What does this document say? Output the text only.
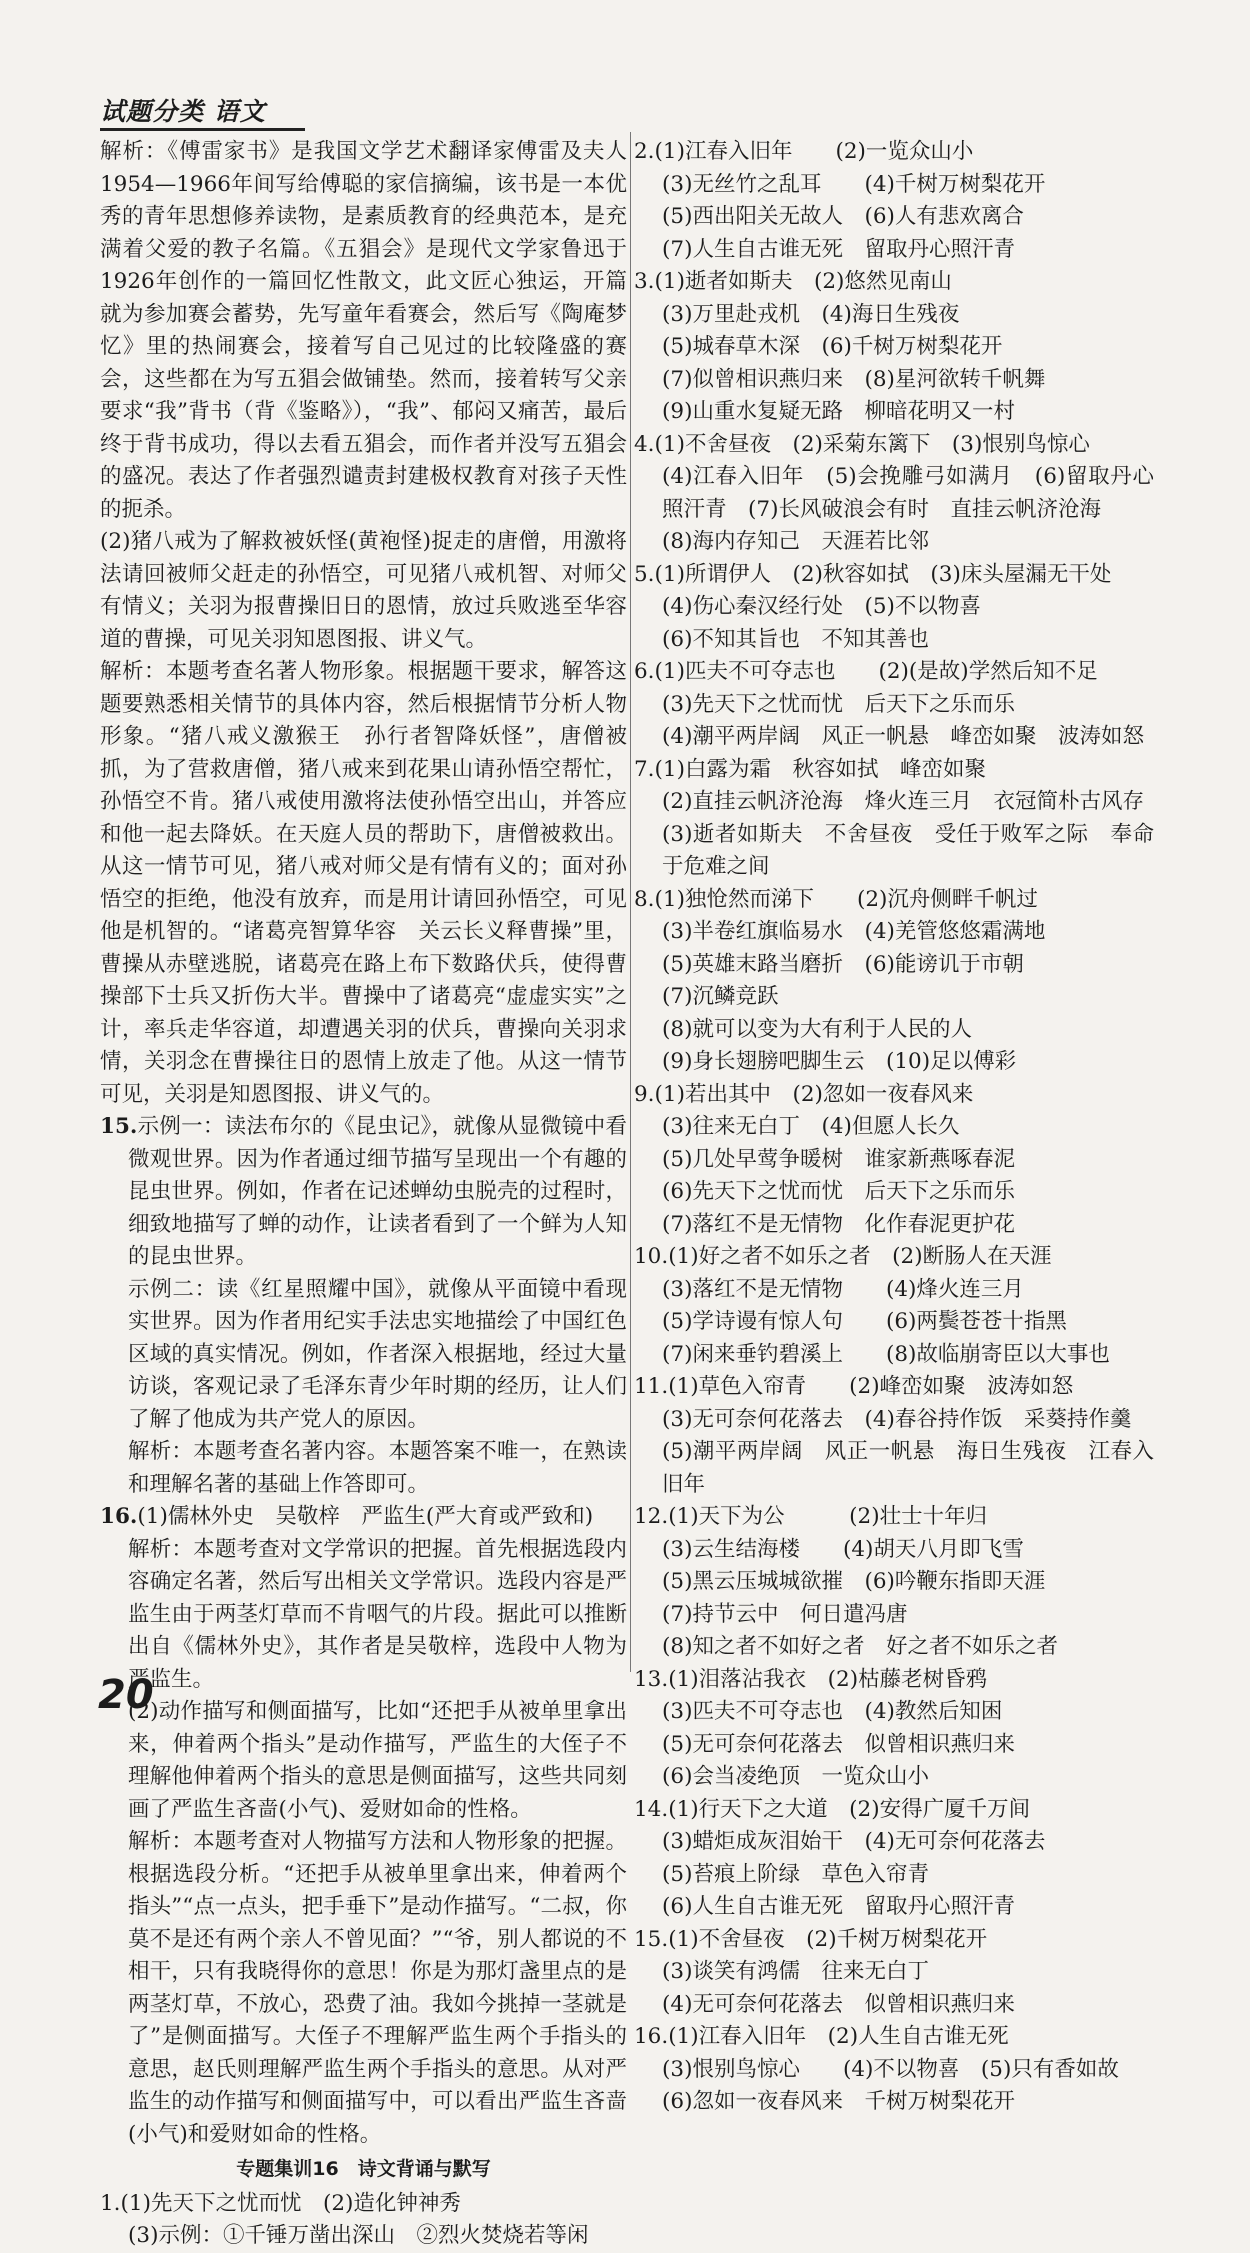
试题分类 语文

解析：《傅雷家书》是我国文学艺术翻译家傅雷及夫人1954—1966年间写给傅聪的家信摘编，该书是一本优秀的青年思想修养读物，是素质教育的经典范本，是充满着父爱的教子名篇。《五猖会》是现代文学家鲁迅于1926年创作的一篇回忆性散文，此文匠心独运，开篇就为参加赛会蓄势，先写童年看赛会，然后写《陶庵梦忆》里的热闹赛会，接着写自己见过的比较隆盛的赛会，这些都在为写五猖会做铺垫。然而，接着转写父亲要求“我”背书（背《鉴略》），“我”、郁闷又痛苦，最后终于背书成功，得以去看五猖会，而作者并没写五猖会的盛况。表达了作者强烈谴责封建极权教育对孩子天性的扼杀。

(2)猪八戒为了解救被妖怪(黄袍怪)捉走的唐僧，用激将法请回被师父赶走的孙悟空，可见猪八戒机智、对师父有情义；关羽为报曹操旧日的恩情，放过兵败逃至华容道的曹操，可见关羽知恩图报、讲义气。

解析：本题考查名著人物形象。根据题干要求，解答这题要熟悉相关情节的具体内容，然后根据情节分析人物形象。“猪八戒义激猴王　孙行者智降妖怪”，唐僧被抓，为了营救唐僧，猪八戒来到花果山请孙悟空帮忙，孙悟空不肯。猪八戒使用激将法使孙悟空出山，并答应和他一起去降妖。在天庭人员的帮助下，唐僧被救出。从这一情节可见，猪八戒对师父是有情有义的；面对孙悟空的拒绝，他没有放弃，而是用计请回孙悟空，可见他是机智的。“诸葛亮智算华容　关云长义释曹操”里，曹操从赤壁逃脱，诸葛亮在路上布下数路伏兵，使得曹操部下士兵又折伤大半。曹操中了诸葛亮“虚虚实实”之计，率兵走华容道，却遭遇关羽的伏兵，曹操向关羽求情，关羽念在曹操往日的恩情上放走了他。从这一情节可见，关羽是知恩图报、讲义气的。

15.示例一：读法布尔的《昆虫记》，就像从显微镜中看微观世界。因为作者通过细节描写呈现出一个有趣的昆虫世界。例如，作者在记述蝉幼虫脱壳的过程时，细致地描写了蝉的动作，让读者看到了一个鲜为人知的昆虫世界。

示例二：读《红星照耀中国》，就像从平面镜中看现实世界。因为作者用纪实手法忠实地描绘了中国红色区域的真实情况。例如，作者深入根据地，经过大量访谈，客观记录了毛泽东青少年时期的经历，让人们了解了他成为共产党人的原因。

解析：本题考查名著内容。本题答案不唯一，在熟读和理解名著的基础上作答即可。

16.(1)儒林外史　吴敬梓　严监生(严大育或严致和)

解析：本题考查对文学常识的把握。首先根据选段内容确定名著，然后写出相关文学常识。选段内容是严监生由于两茎灯草而不肯咽气的片段。据此可以推断出自《儒林外史》，其作者是吴敬梓，选段中人物为严监生。

(2)动作描写和侧面描写，比如“还把手从被单里拿出来，伸着两个指头”是动作描写，严监生的大侄子不理解他伸着两个指头的意思是侧面描写，这些共同刻画了严监生吝啬(小气)、爱财如命的性格。

解析：本题考查对人物描写方法和人物形象的把握。根据选段分析。“还把手从被单里拿出来，伸着两个指头”“点一点头，把手垂下”是动作描写。“二叔，你莫不是还有两个亲人不曾见面？”“爷，别人都说的不相干，只有我晓得你的意思！你是为那灯盏里点的是两茎灯草，不放心，恐费了油。我如今挑掉一茎就是了”是侧面描写。大侄子不理解严监生两个手指头的意思，赵氏则理解严监生两个手指头的意思。从对严监生的动作描写和侧面描写中，可以看出严监生吝啬(小气)和爱财如命的性格。

专题集训16　诗文背诵与默写

1.(1)先天下之忧而忧　(2)造化钟神秀

(3)示例：①千锤万凿出深山　②烈火焚烧若等闲

2.(1)江春入旧年　　(2)一览众山小

(3)无丝竹之乱耳　　(4)千树万树梨花开

(5)西出阳关无故人　(6)人有悲欢离合

(7)人生自古谁无死　留取丹心照汗青

3.(1)逝者如斯夫　(2)悠然见南山

(3)万里赴戎机　(4)海日生残夜

(5)城春草木深　(6)千树万树梨花开

(7)似曾相识燕归来　(8)星河欲转千帆舞

(9)山重水复疑无路　柳暗花明又一村

4.(1)不舍昼夜　(2)采菊东篱下　(3)恨别鸟惊心

(4)江春入旧年　(5)会挽雕弓如满月　(6)留取丹心照汗青　(7)长风破浪会有时　直挂云帆济沧海

(8)海内存知己　天涯若比邻

5.(1)所谓伊人　(2)秋容如拭　(3)床头屋漏无干处

(4)伤心秦汉经行处　(5)不以物喜

(6)不知其旨也　不知其善也

6.(1)匹夫不可夺志也　　(2)(是故)学然后知不足

(3)先天下之忧而忧　后天下之乐而乐

(4)潮平两岸阔　风正一帆悬　峰峦如聚　波涛如怒

7.(1)白露为霜　秋容如拭　峰峦如聚

(2)直挂云帆济沧海　烽火连三月　衣冠简朴古风存

(3)逝者如斯夫　不舍昼夜　受任于败军之际　奉命于危难之间

8.(1)独怆然而涕下　　(2)沉舟侧畔千帆过

(3)半卷红旗临易水　(4)羌管悠悠霜满地

(5)英雄末路当磨折　(6)能谤讥于市朝

(7)沉鳞竞跃

(8)就可以变为大有利于人民的人

(9)身长翅膀吧脚生云　(10)足以傅彩

9.(1)若出其中　(2)忽如一夜春风来

(3)往来无白丁　(4)但愿人长久

(5)几处早莺争暖树　谁家新燕啄春泥

(6)先天下之忧而忧　后天下之乐而乐

(7)落红不是无情物　化作春泥更护花

10.(1)好之者不如乐之者　(2)断肠人在天涯

(3)落红不是无情物　　(4)烽火连三月

(5)学诗谩有惊人句　　(6)两鬓苍苍十指黑

(7)闲来垂钓碧溪上　　(8)故临崩寄臣以大事也

11.(1)草色入帘青　　(2)峰峦如聚　波涛如怒

(3)无可奈何花落去　(4)春谷持作饭　采葵持作羹

(5)潮平两岸阔　风正一帆悬　海日生残夜　江春入旧年

12.(1)天下为公　　　(2)壮士十年归

(3)云生结海楼　　(4)胡天八月即飞雪

(5)黑云压城城欲摧　(6)吟鞭东指即天涯

(7)持节云中　何日遣冯唐

(8)知之者不如好之者　好之者不如乐之者

13.(1)泪落沾我衣　(2)枯藤老树昏鸦

(3)匹夫不可夺志也　(4)教然后知困

(5)无可奈何花落去　似曾相识燕归来

(6)会当凌绝顶　一览众山小

14.(1)行天下之大道　(2)安得广厦千万间

(3)蜡炬成灰泪始干　(4)无可奈何花落去

(5)苔痕上阶绿　草色入帘青

(6)人生自古谁无死　留取丹心照汗青

15.(1)不舍昼夜　(2)千树万树梨花开

(3)谈笑有鸿儒　往来无白丁

(4)无可奈何花落去　似曾相识燕归来

16.(1)江春入旧年　(2)人生自古谁无死

(3)恨别鸟惊心　　(4)不以物喜　(5)只有香如故

(6)忽如一夜春风来　千树万树梨花开

20
